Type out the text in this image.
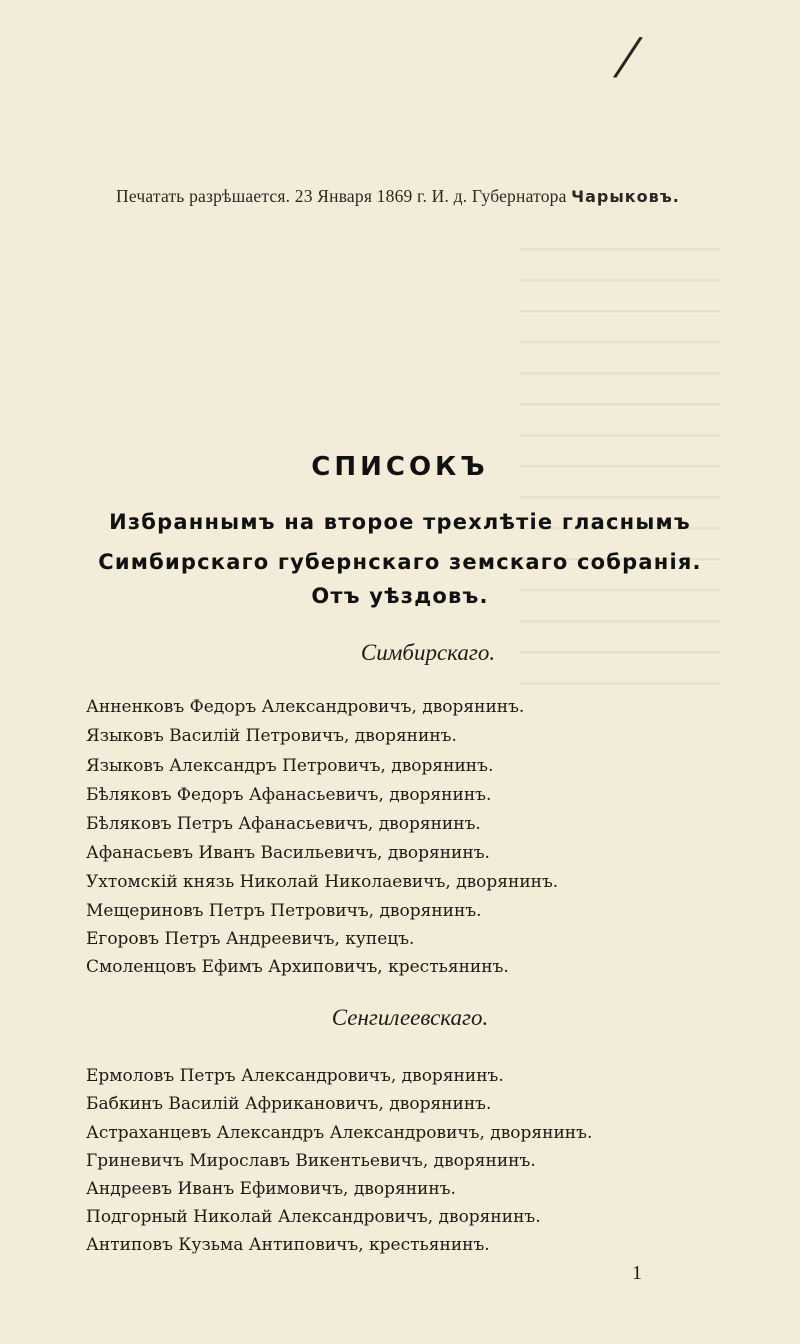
/
Печатать разрѣшается. 23 Января 1869 г. И. д. Губернатора Чарыковъ.
СПИСОКЪ
Избраннымъ на второе трехлѣтіе гласнымъ
Симбирскаго губернскаго земскаго собранія.
Отъ уѣздовъ.
Симбирскаго.
Анненковъ Федоръ Александровичъ, дворянинъ.
Языковъ Василій Петровичъ, дворянинъ.
Языковъ Александръ Петровичъ, дворянинъ.
Бѣляковъ Федоръ Афанасьевичъ, дворянинъ.
Бѣляковъ Петръ Афанасьевичъ, дворянинъ.
Афанасьевъ Иванъ Васильевичъ, дворянинъ.
Ухтомскій князь Николай Николаевичъ, дворянинъ.
Мещериновъ Петръ Петровичъ, дворянинъ.
Егоровъ Петръ Андреевичъ, купецъ.
Смоленцовъ Ефимъ Архиповичъ, крестьянинъ.
Сенгилеевскаго.
Ермоловъ Петръ Александровичъ, дворянинъ.
Бабкинъ Василій Африкановичъ, дворянинъ.
Астраханцевъ Александръ Александровичъ, дворянинъ.
Гриневичъ Мирославъ Викентьевичъ, дворянинъ.
Андреевъ Иванъ Ефимовичъ, дворянинъ.
Подгорный Николай Александровичъ, дворянинъ.
Антиповъ Кузьма Антиповичъ, крестьянинъ.
1
